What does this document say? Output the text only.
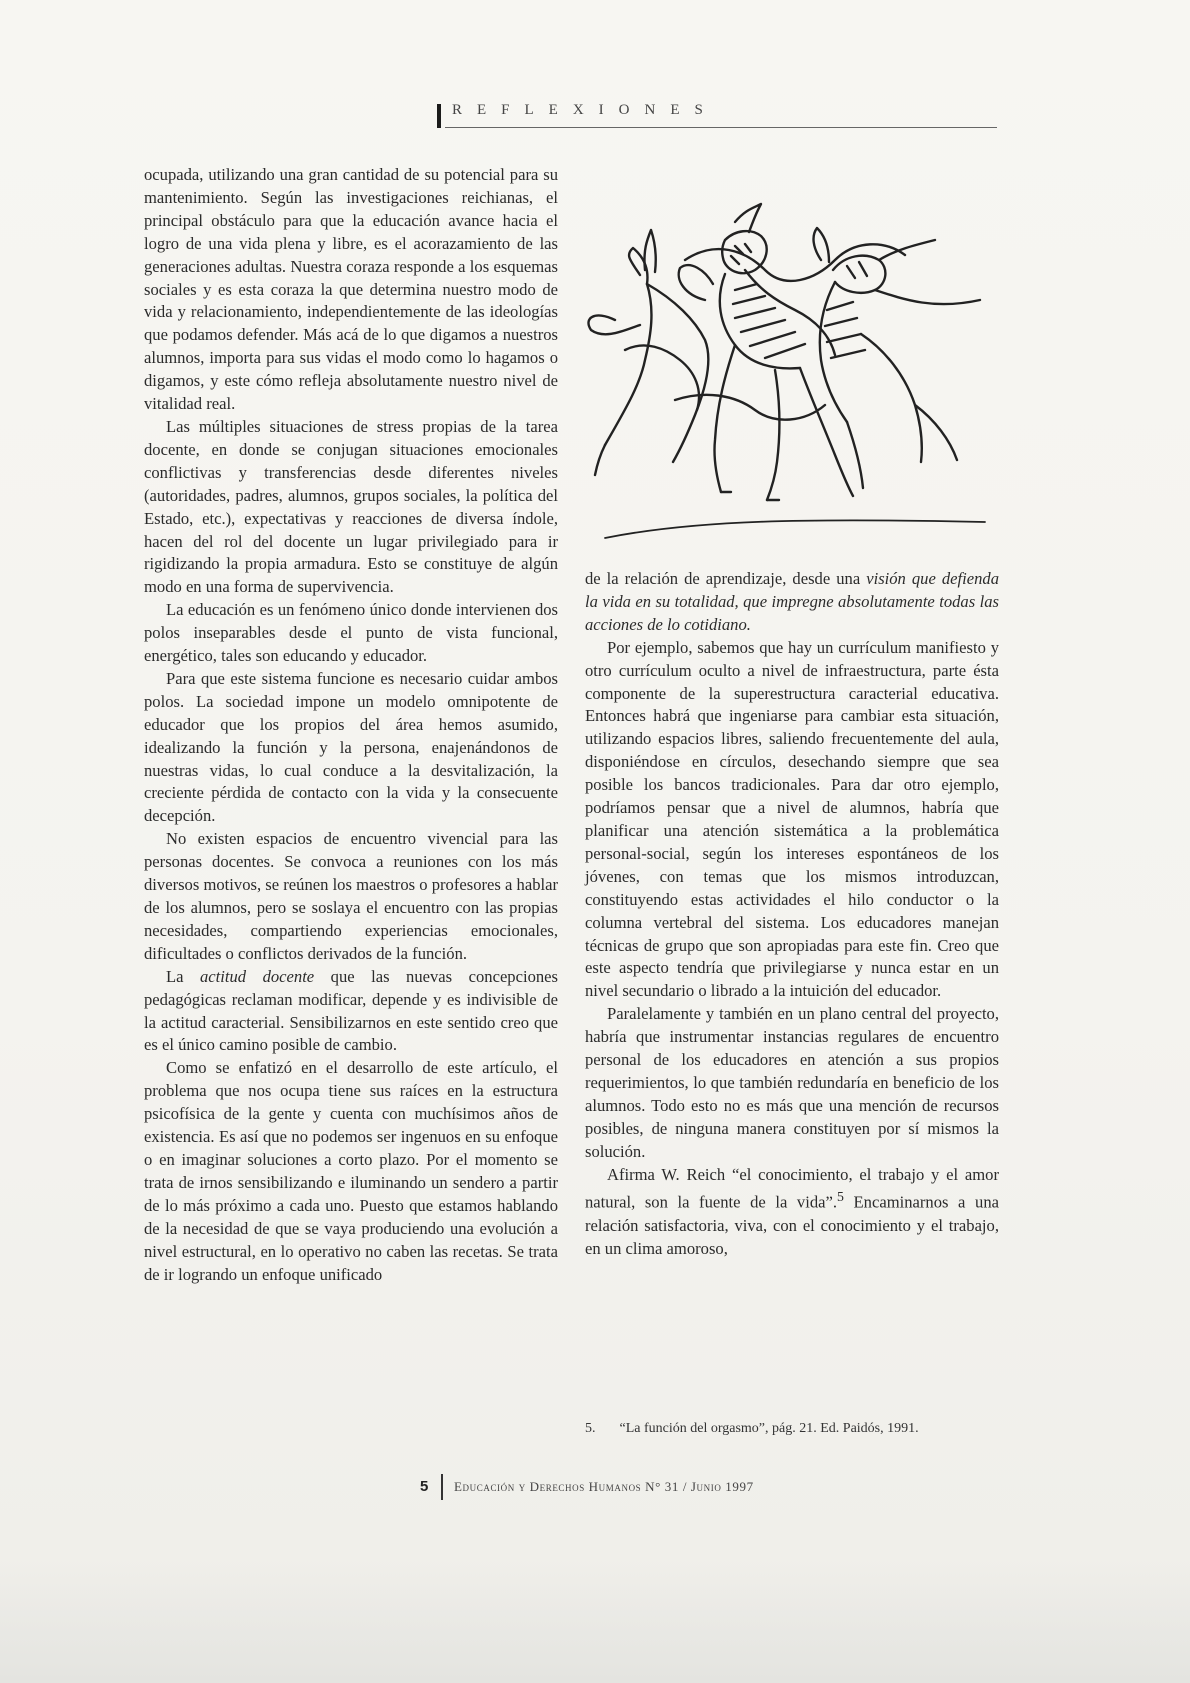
REFLEXIONES

ocupada, utilizando una gran cantidad de su potencial para su mantenimiento. Según las investigaciones reichianas, el principal obstáculo para que la educación avance hacia el logro de una vida plena y libre, es el acorazamiento de las generaciones adultas. Nuestra coraza responde a los esquemas sociales y es esta coraza la que determina nuestro modo de vida y relacionamiento, independientemente de las ideologías que podamos defender. Más acá de lo que digamos a nuestros alumnos, importa para sus vidas el modo como lo hagamos o digamos, y este cómo refleja absolutamente nuestro nivel de vitalidad real.

Las múltiples situaciones de stress propias de la tarea docente, en donde se conjugan situaciones emocionales conflictivas y transferencias desde diferentes niveles (autoridades, padres, alumnos, grupos sociales, la política del Estado, etc.), expectativas y reacciones de diversa índole, hacen del rol del docente un lugar privilegiado para ir rigidizando la propia armadura. Esto se constituye de algún modo en una forma de supervivencia.

La educación es un fenómeno único donde intervienen dos polos inseparables desde el punto de vista funcional, energético, tales son educando y educador.

Para que este sistema funcione es necesario cuidar ambos polos. La sociedad impone un modelo omnipotente de educador que los propios del área hemos asumido, idealizando la función y la persona, enajenándonos de nuestras vidas, lo cual conduce a la desvitalización, la creciente pérdida de contacto con la vida y la consecuente decepción.

No existen espacios de encuentro vivencial para las personas docentes. Se convoca a reuniones con los más diversos motivos, se reúnen los maestros o profesores a hablar de los alumnos, pero se soslaya el encuentro con las propias necesidades, compartiendo experiencias emocionales, dificultades o conflictos derivados de la función.

La actitud docente que las nuevas concepciones pedagógicas reclaman modificar, depende y es indivisible de la actitud caracterial. Sensibilizarnos en este sentido creo que es el único camino posible de cambio.

Como se enfatizó en el desarrollo de este artículo, el problema que nos ocupa tiene sus raíces en la estructura psicofísica de la gente y cuenta con muchísimos años de existencia. Es así que no podemos ser ingenuos en su enfoque o en imaginar soluciones a corto plazo. Por el momento se trata de irnos sensibilizando e iluminando un sendero a partir de lo más próximo a cada uno. Puesto que estamos hablando de la necesidad de que se vaya produciendo una evolución a nivel estructural, en lo operativo no caben las recetas. Se trata de ir logrando un enfoque unificado

de la relación de aprendizaje, desde una visión que defienda la vida en su totalidad, que impregne absolutamente todas las acciones de lo cotidiano.

Por ejemplo, sabemos que hay un currículum manifiesto y otro currículum oculto a nivel de infraestructura, parte ésta componente de la superestructura caracterial educativa. Entonces habrá que ingeniarse para cambiar esta situación, utilizando espacios libres, saliendo frecuentemente del aula, disponiéndose en círculos, desechando siempre que sea posible los bancos tradicionales. Para dar otro ejemplo, podríamos pensar que a nivel de alumnos, habría que planificar una atención sistemática a la problemática personal-social, según los intereses espontáneos de los jóvenes, con temas que los mismos introduzcan, constituyendo estas actividades el hilo conductor o la columna vertebral del sistema. Los educadores manejan técnicas de grupo que son apropiadas para este fin. Creo que este aspecto tendría que privilegiarse y nunca estar en un nivel secundario o librado a la intuición del educador.

Paralelamente y también en un plano central del proyecto, habría que instrumentar instancias regulares de encuentro personal de los educadores en atención a sus propios requerimientos, lo que también redundaría en beneficio de los alumnos. Todo esto no es más que una mención de recursos posibles, de ninguna manera constituyen por sí mismos la solución.

Afirma W. Reich “el conocimiento, el trabajo y el amor natural, son la fuente de la vida”.$^5$ Encaminarnos a una relación satisfactoria, viva, con el conocimiento y el trabajo, en un clima amoroso,

5. “La función del orgasmo”, pág. 21. Ed. Paidós, 1991.
5 Educación y Derechos Humanos N° 31 / Junio 1997
